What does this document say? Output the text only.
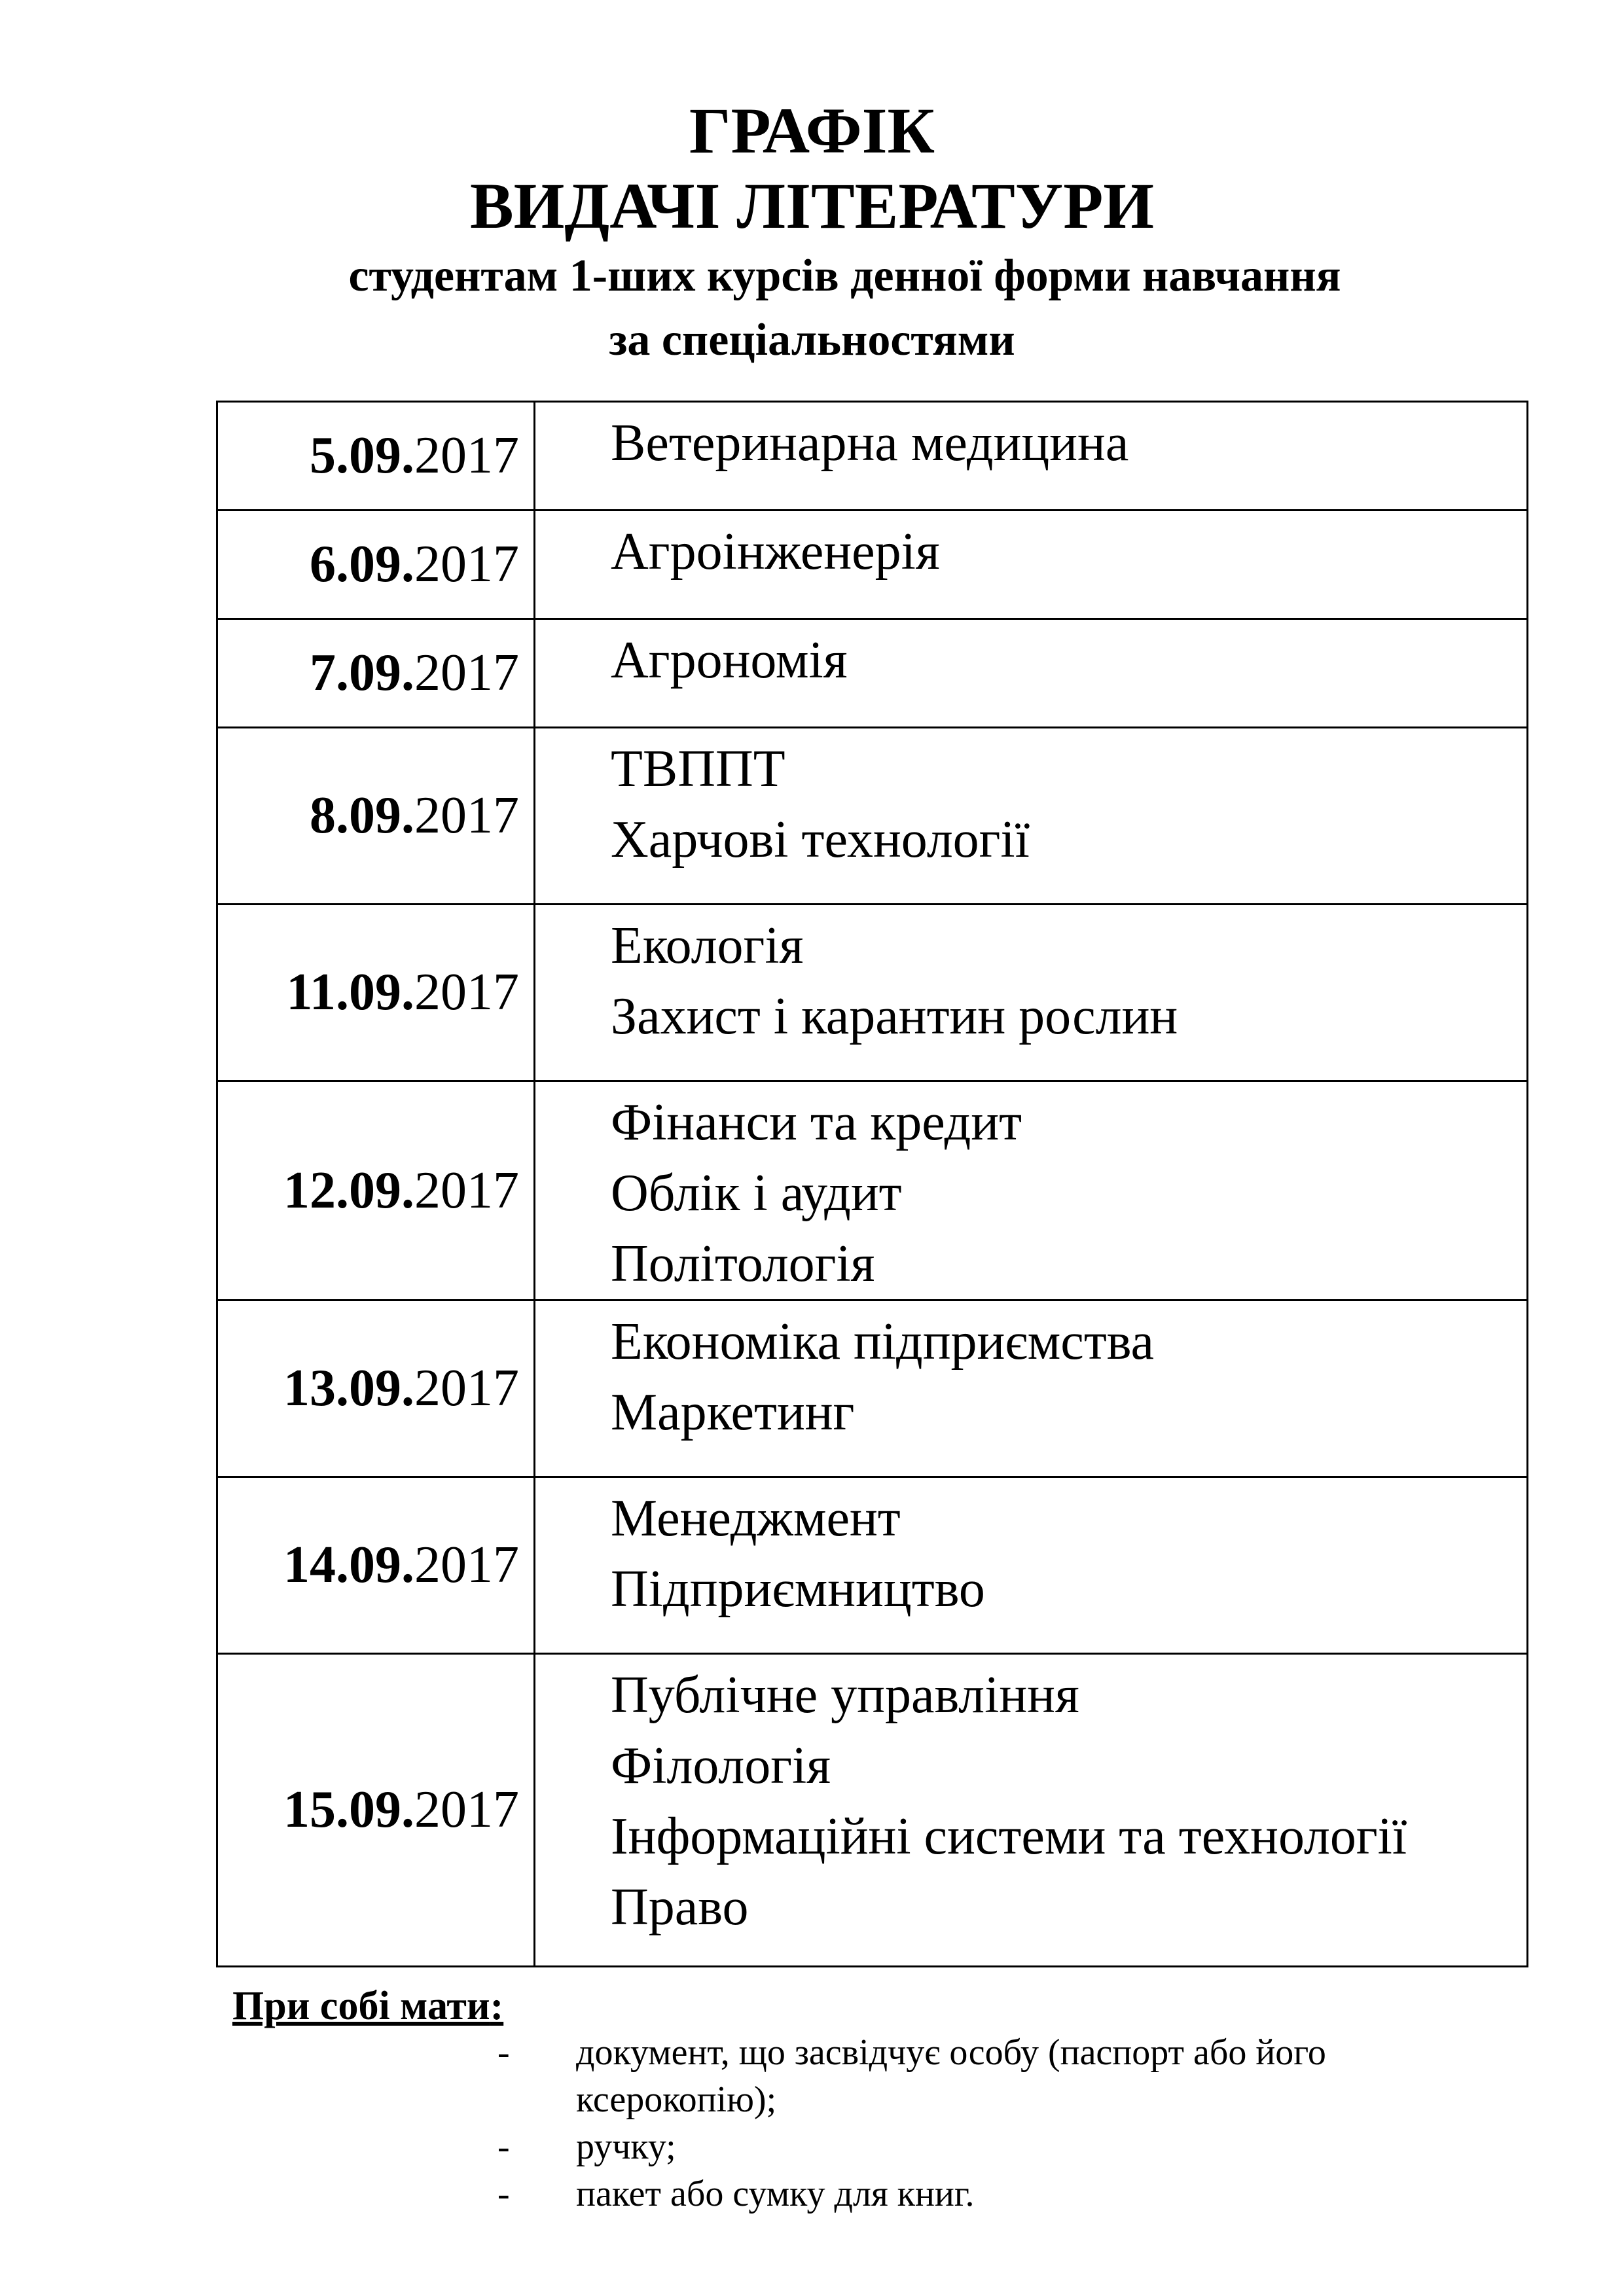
ГРАФІК
ВИДАЧІ ЛІТЕРАТУРИ
студентам 1-ших курсів денної форми навчання
за спеціальностями
5.09.2017	Ветеринарна медицина

6.09.2017	Агроінженерія

7.09.2017	Агрономія

8.09.2017	ТВППТ
Харчові технології

11.09.2017	Екологія
Захист і карантин рослин

12.09.2017	Фінанси та кредит
Облік і аудит
Політологія

13.09.2017	Економіка підприємства
Маркетинг

14.09.2017	Менеджмент
Підприємництво

15.09.2017	Публічне управління
Філологія
Інформаційні системи та технології
Право
При собі мати:
- документ, що засвідчує особу (паспорт або його ксерокопію);
- ручку;
- пакет або сумку для книг.
